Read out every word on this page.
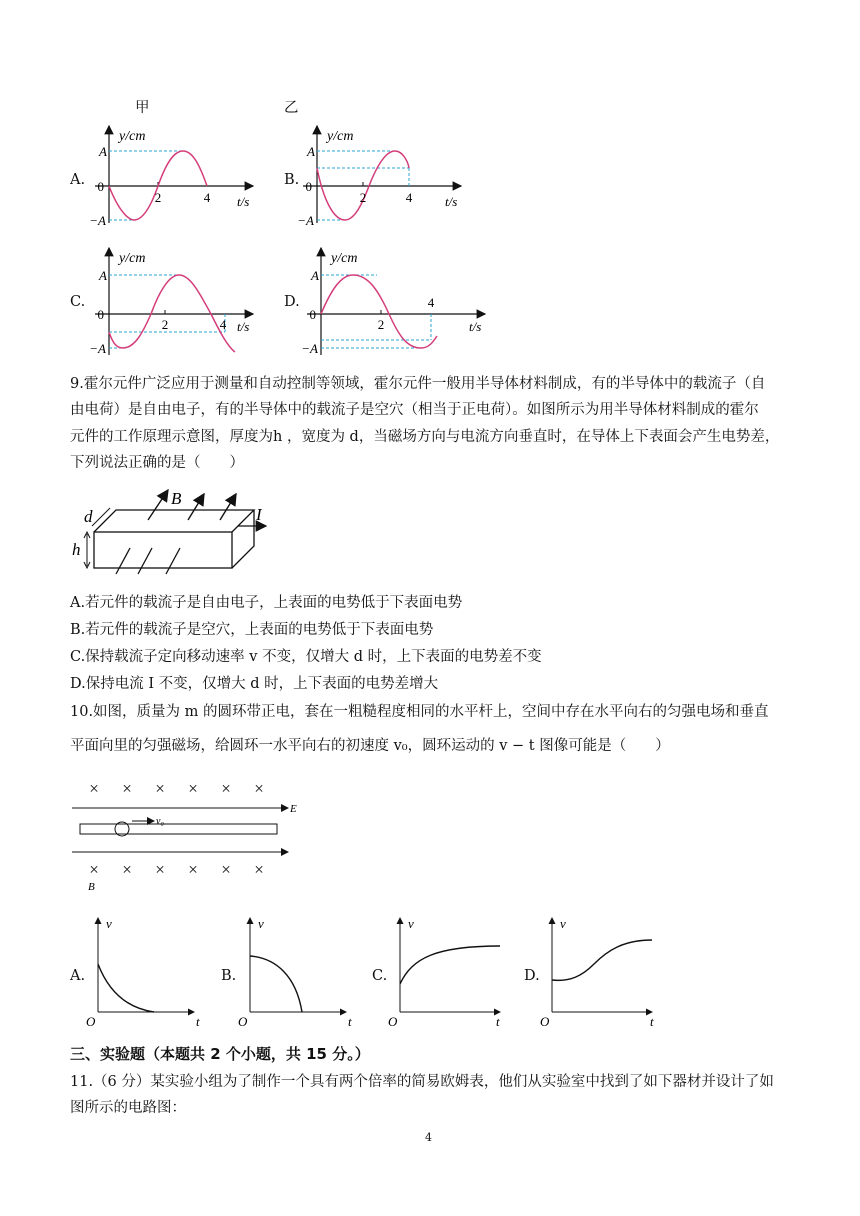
甲	乙
A.
y/cm
A
0
−A
2	4 t/s
B.
y/cm
A
0
−A
2	4	t/s
C.
y/cm
A
0
−A
2	4 t/s
D.
y/cm
A
0
−A
2
4
t/s
9.霍尔元件广泛应用于测量和自动控制等领域，霍尔元件一般用半导体材料制成，有的半导体中的载流子（自
由电荷）是自由电子，有的半导体中的载流子是空穴（相当于正电荷）。如图所示为用半导体材料制成的霍尔
元件的工作原理示意图，厚度为h ，宽度为 d，当磁场方向与电流方向垂直时，在导体上下表面会产生电势差，
下列说法正确的是（　　）
d
h
B
I
A.若元件的载流子是自由电子，上表面的电势低于下表面电势
B.若元件的载流子是空穴，上表面的电势低于下表面电势
C.保持载流子定向移动速率 v 不变，仅增大 d 时，上下表面的电势差不变
D.保持电流 I 不变，仅增大 d 时，上下表面的电势差增大
10.如图，质量为 m 的圆环带正电，套在一粗糙程度相同的水平杆上，空间中存在水平向右的匀强电场和垂直
平面向里的匀强磁场，给圆环一水平向右的初速度 v₀，圆环运动的 v − t 图像可能是（　　）
× × × × × ×
× × × × × ×
v₀
E
B
A.
v
O	t
B.
v
O	t
C.
v
O	t
D.
v
O	t
三、实验题（本题共 2 个小题，共 15 分。）
11.（6 分）某实验小组为了制作一个具有两个倍率的简易欧姆表，他们从实验室中找到了如下器材并设计了如
图所示的电路图：
4
